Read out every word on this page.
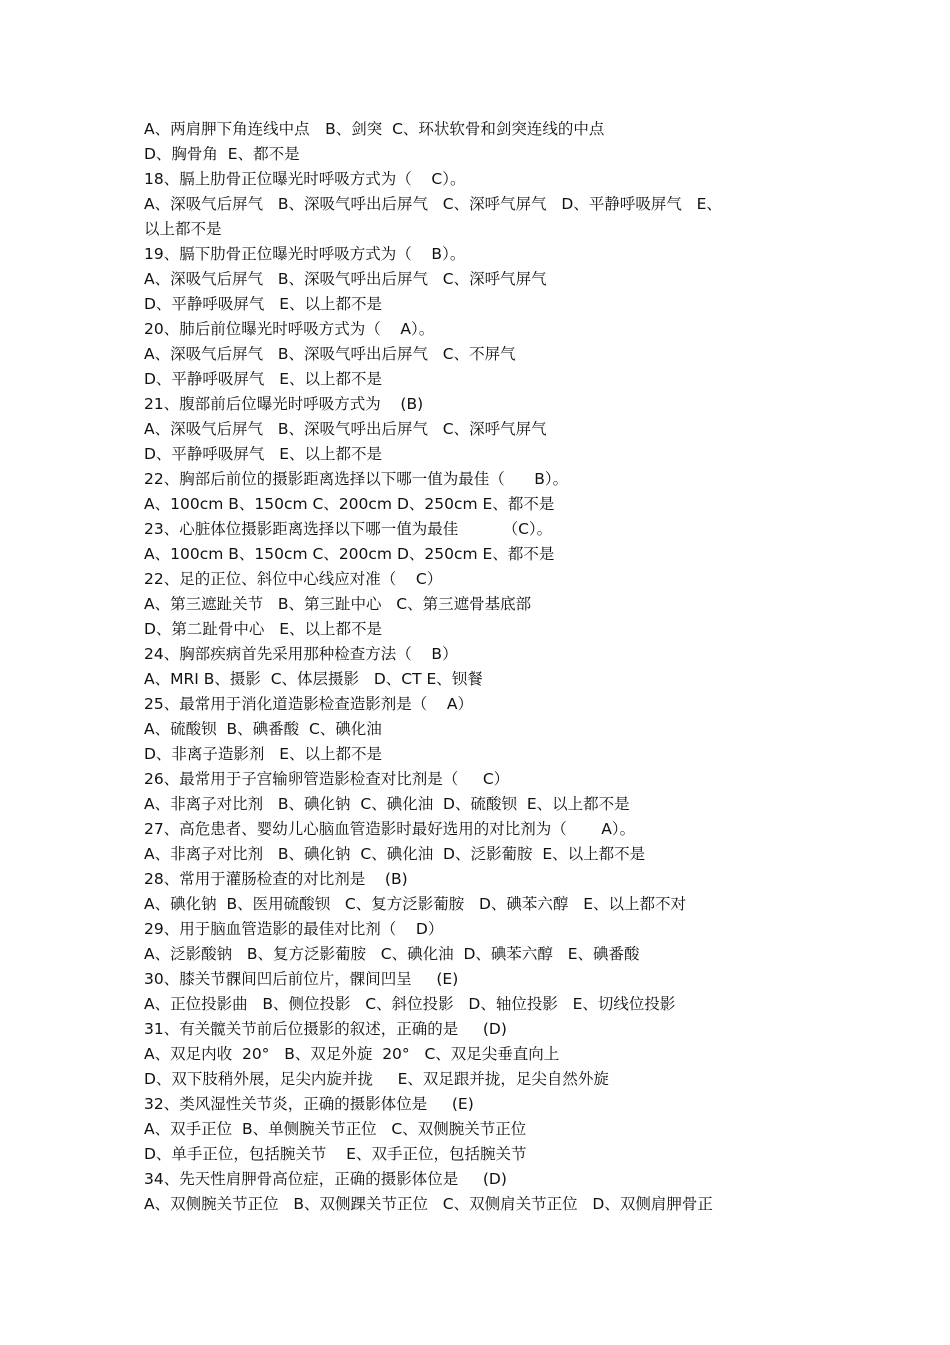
A、两肩胛下角连线中点　B、剑突  C、环状软骨和剑突连线的中点
D、胸骨角  E、都不是
18、膈上肋骨正位曝光时呼吸方式为（    C）。
A、深吸气后屏气   B、深吸气呼出后屏气   C、深呼气屏气   D、平静呼吸屏气   E、
以上都不是
19、膈下肋骨正位曝光时呼吸方式为（    B）。
A、深吸气后屏气   B、深吸气呼出后屏气   C、深呼气屏气
D、平静呼吸屏气   E、以上都不是
20、肺后前位曝光时呼吸方式为（    A）。
A、深吸气后屏气   B、深吸气呼出后屏气   C、不屏气
D、平静呼吸屏气   E、以上都不是
21、腹部前后位曝光时呼吸方式为    (B)
A、深吸气后屏气   B、深吸气呼出后屏气   C、深呼气屏气
D、平静呼吸屏气   E、以上都不是
22、胸部后前位的摄影距离选择以下哪一值为最佳（      B）。
A、100cm B、150cm C、200cm D、250cm E、都不是
23、心脏体位摄影距离选择以下哪一值为最佳         （C）。
A、100cm B、150cm C、200cm D、250cm E、都不是
22、足的正位、斜位中心线应对准（    C）
A、第三遮趾关节   B、第三趾中心   C、第三遮骨基底部
D、第二趾骨中心   E、以上都不是
24、胸部疾病首先采用那种检查方法（    B）
A、MRI B、摄影  C、体层摄影   D、CT E、钡餐
25、最常用于消化道造影检查造影剂是（    A）
A、硫酸钡  B、碘番酸  C、碘化油
D、非离子造影剂   E、以上都不是
26、最常用于子宫输卵管造影检查对比剂是（     C）
A、非离子对比剂   B、碘化钠  C、碘化油  D、硫酸钡  E、以上都不是
27、高危患者、婴幼儿心脑血管造影时最好选用的对比剂为（       A）。
A、非离子对比剂   B、碘化钠  C、碘化油  D、泛影葡胺  E、以上都不是
28、常用于灌肠检查的对比剂是    (B)
A、碘化钠  B、医用硫酸钡   C、复方泛影葡胺   D、碘苯六醇   E、以上都不对
29、用于脑血管造影的最佳对比剂（    D）
A、泛影酸钠   B、复方泛影葡胺   C、碘化油  D、碘苯六醇   E、碘番酸
30、膝关节髁间凹后前位片，髁间凹呈     (E)
A、正位投影曲   B、侧位投影   C、斜位投影   D、轴位投影   E、切线位投影
31、有关髋关节前后位摄影的叙述，正确的是     (D)
A、双足内收  20°   B、双足外旋  20°   C、双足尖垂直向上
D、双下肢稍外展，足尖内旋并拢     E、双足跟并拢，足尖自然外旋
32、类风湿性关节炎，正确的摄影体位是     (E)
A、双手正位  B、单侧腕关节正位   C、双侧腕关节正位
D、单手正位，包括腕关节    E、双手正位，包括腕关节
34、先天性肩胛骨高位症，正确的摄影体位是     (D)
A、双侧腕关节正位   B、双侧踝关节正位   C、双侧肩关节正位   D、双侧肩胛骨正
